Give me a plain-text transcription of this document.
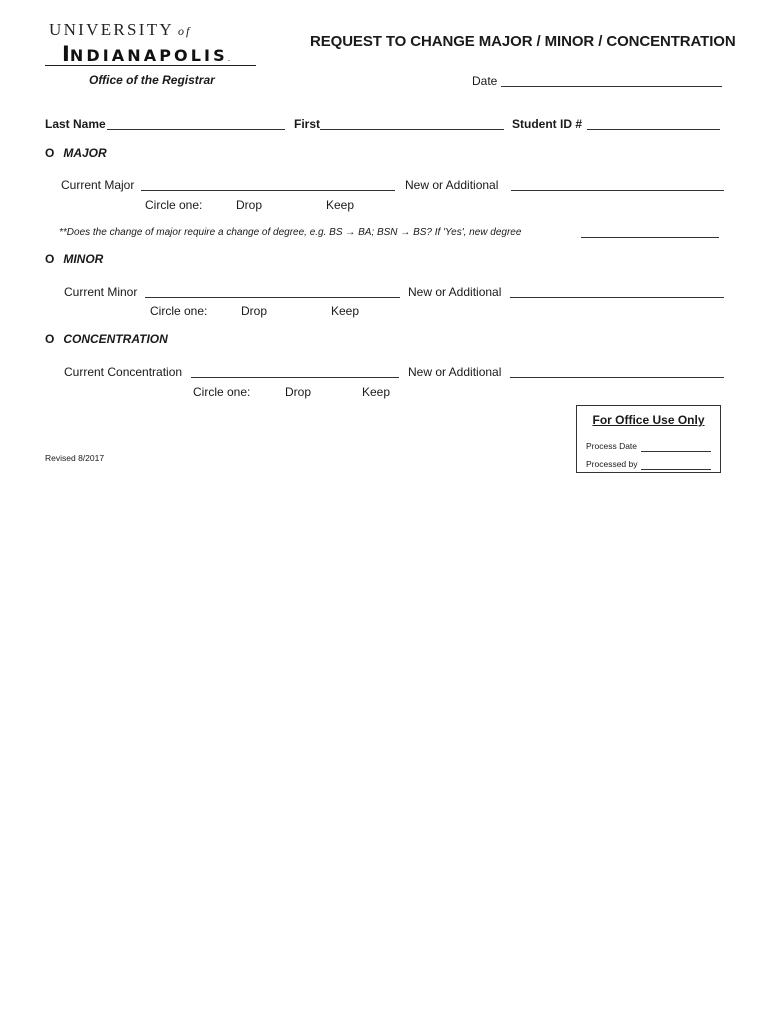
UNIVERSITY of
INDIANAPOLIS.
Office of the Registrar
REQUEST TO CHANGE MAJOR / MINOR / CONCENTRATION
Date
Last Name	First	Student ID #
O MAJOR
Current Major	New or Additional
Circle one:	Drop	Keep
**Does the change of major require a change of degree, e.g. BS → BA; BSN → BS? If 'Yes', new degree
O MINOR
Current Minor	New or Additional
Circle one:	Drop	Keep
O CONCENTRATION
Current Concentration	New or Additional
Circle one:	Drop	Keep
For Office Use Only
Process Date
Processed by
Revised 8/2017
